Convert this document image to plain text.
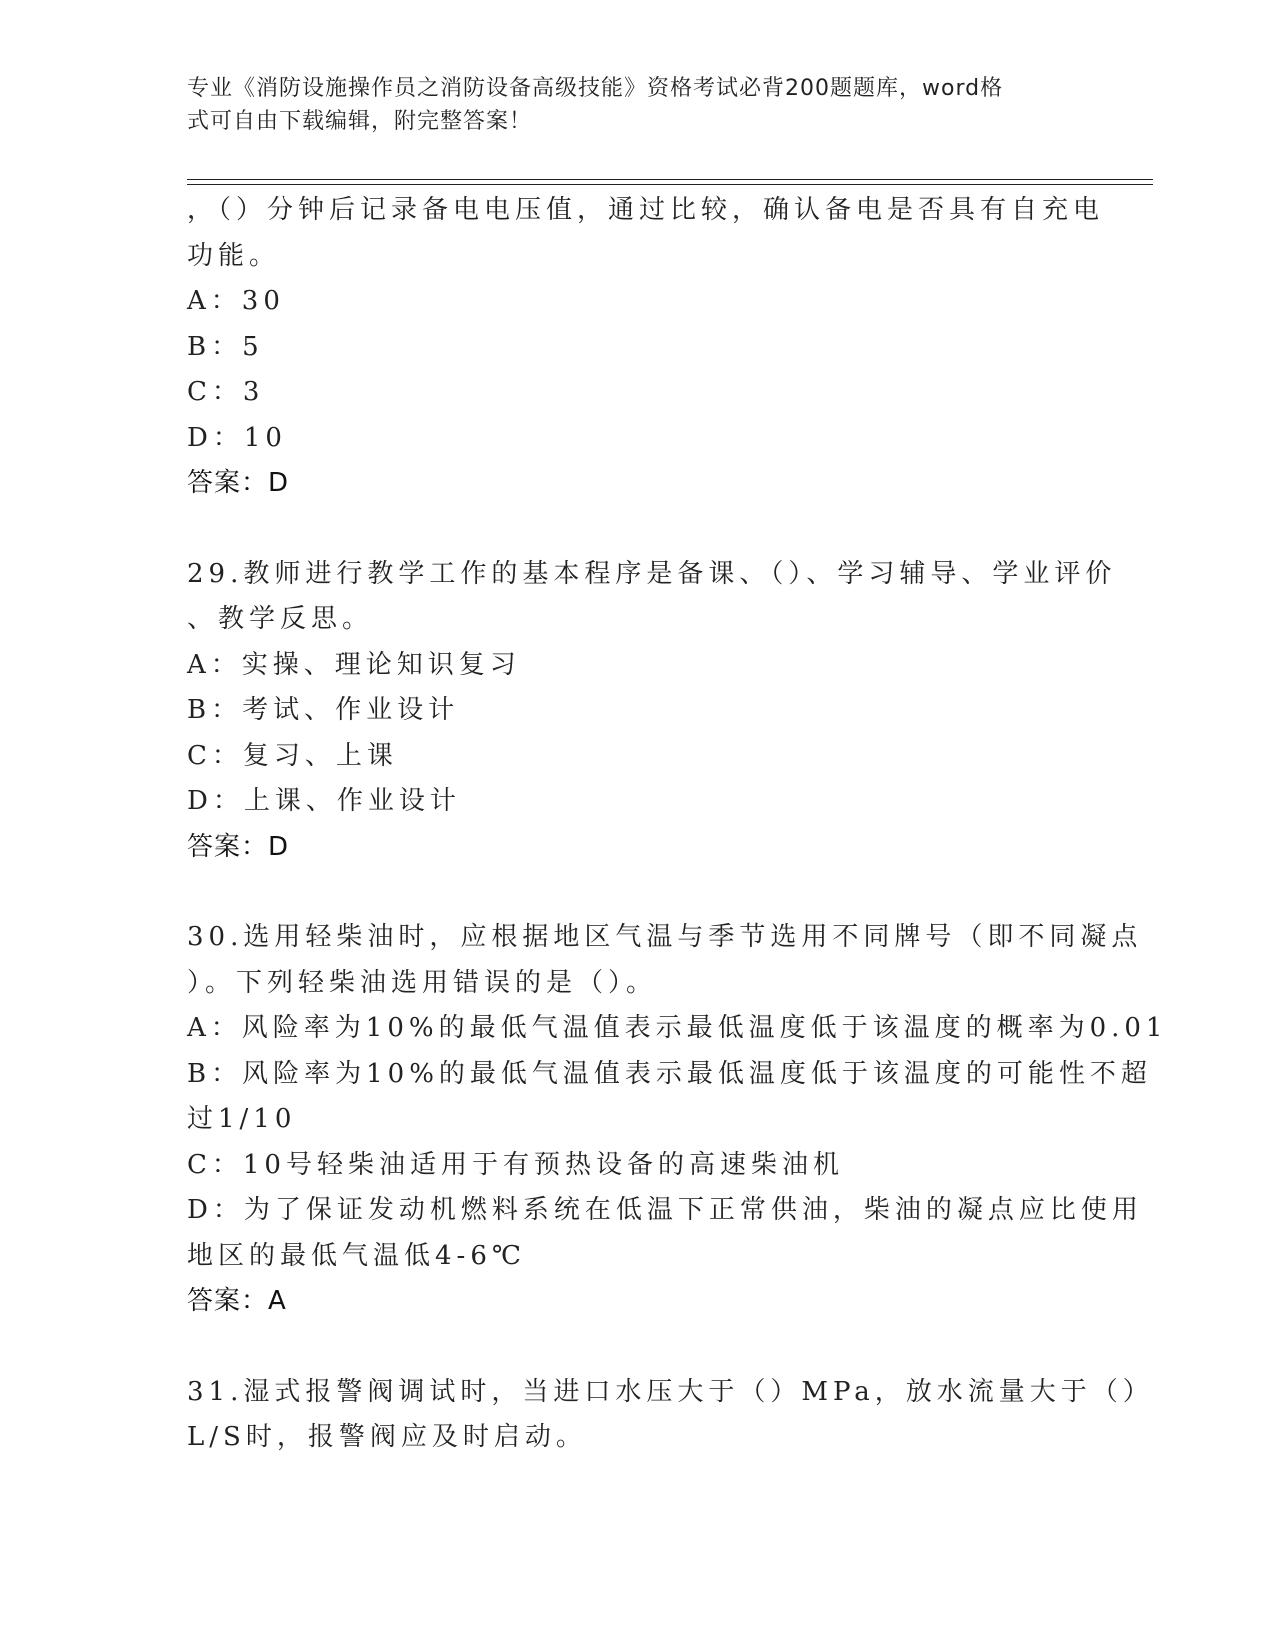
专业《消防设施操作员之消防设备高级技能》资格考试必背200题题库，word格
式可自由下载编辑，附完整答案！
，（）分钟后记录备电电压值，通过比较，确认备电是否具有自充电
功能。
A：30
B：5
C：3
D：10
答案：D
29.教师进行教学工作的基本程序是备课、（）、学习辅导、学业评价
、教学反思。
A：实操、理论知识复习
B：考试、作业设计
C：复习、上课
D：上课、作业设计
答案：D
30.选用轻柴油时，应根据地区气温与季节选用不同牌号（即不同凝点
）。下列轻柴油选用错误的是（）。
A：风险率为10%的最低气温值表示最低温度低于该温度的概率为0.01
B：风险率为10%的最低气温值表示最低温度低于该温度的可能性不超
过1/10
C：10号轻柴油适用于有预热设备的高速柴油机
D：为了保证发动机燃料系统在低温下正常供油，柴油的凝点应比使用
地区的最低气温低4-6℃
答案：A
31.湿式报警阀调试时，当进口水压大于（）MPa，放水流量大于（）
L/S时，报警阀应及时启动。
